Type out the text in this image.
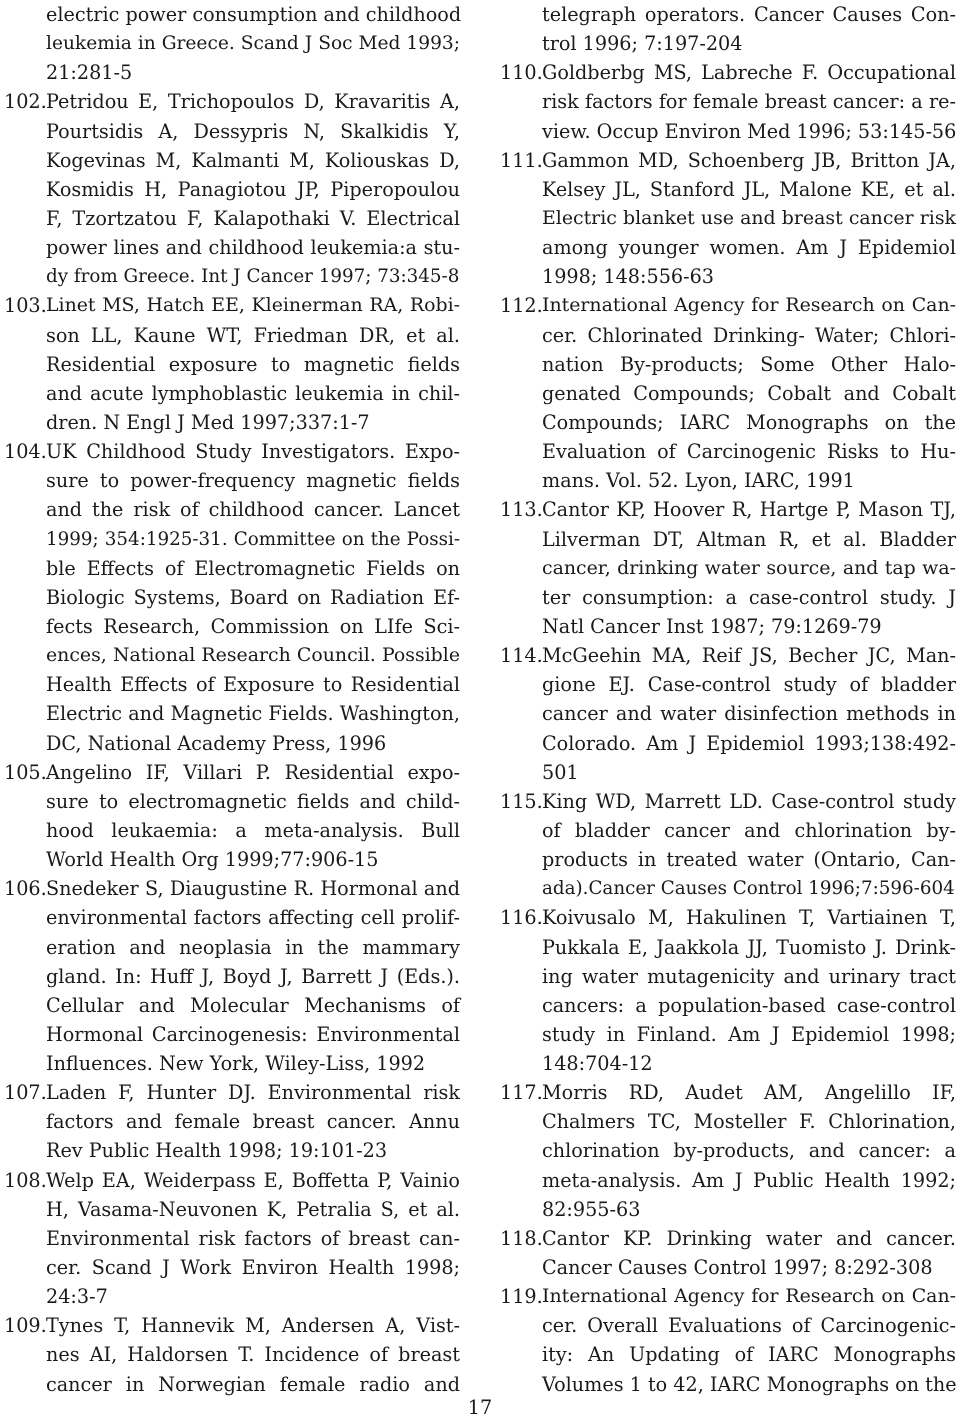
electric power consumption and childhood
leukemia in Greece. Scand J Soc Med 1993;
21:281-5
102. Petridou E, Trichopoulos D, Kravaritis A,
Pourtsidis A, Dessypris N, Skalkidis Y,
Kogevinas M, Kalmanti M, Koliouskas D,
Kosmidis H, Panagiotou JP, Piperopoulou
F, Tzortzatou F, Kalapothaki V. Electrical
power lines and childhood leukemia:a stu-
dy from Greece. Int J Cancer 1997; 73:345-8
103. Linet MS, Hatch EE, Kleinerman RA, Robi-
son LL, Kaune WT, Friedman DR, et al.
Residential exposure to magnetic fields
and acute lymphoblastic leukemia in chil-
dren. N Engl J Med 1997;337:1-7
104. UK Childhood Study Investigators. Expo-
sure to power-frequency magnetic fields
and the risk of childhood cancer. Lancet
1999; 354:1925-31. Committee on the Possi-
ble Effects of Electromagnetic Fields on
Biologic Systems, Board on Radiation Ef-
fects Research, Commission on LIfe Sci-
ences, National Research Council. Possible
Health Effects of Exposure to Residential
Electric and Magnetic Fields. Washington,
DC, National Academy Press, 1996
105. Angelino IF, Villari P. Residential expo-
sure to electromagnetic fields and child-
hood leukaemia: a meta-analysis. Bull
World Health Org 1999;77:906-15
106. Snedeker S, Diaugustine R. Hormonal and
environmental factors affecting cell prolif-
eration and neoplasia in the mammary
gland. In: Huff J, Boyd J, Barrett J (Eds.).
Cellular and Molecular Mechanisms of
Hormonal Carcinogenesis: Environmental
Influences. New York, Wiley-Liss, 1992
107. Laden F, Hunter DJ. Environmental risk
factors and female breast cancer. Annu
Rev Public Health 1998; 19:101-23
108. Welp EA, Weiderpass E, Boffetta P, Vainio
H, Vasama-Neuvonen K, Petralia S, et al.
Environmental risk factors of breast can-
cer. Scand J Work Environ Health 1998;
24:3-7
109. Tynes T, Hannevik M, Andersen A, Vist-
nes AI, Haldorsen T. Incidence of breast
cancer in Norwegian female radio and
telegraph operators. Cancer Causes Con-
trol 1996; 7:197-204
110. Goldberbg MS, Labreche F. Occupational
risk factors for female breast cancer: a re-
view. Occup Environ Med 1996; 53:145-56
111. Gammon MD, Schoenberg JB, Britton JA,
Kelsey JL, Stanford JL, Malone KE, et al.
Electric blanket use and breast cancer risk
among younger women. Am J Epidemiol
1998; 148:556-63
112. International Agency for Research on Can-
cer. Chlorinated Drinking- Water; Chlori-
nation By-products; Some Other Halo-
genated Compounds; Cobalt and Cobalt
Compounds; IARC Monographs on the
Evaluation of Carcinogenic Risks to Hu-
mans. Vol. 52. Lyon, IARC, 1991
113. Cantor KP, Hoover R, Hartge P, Mason TJ,
Lilverman DT, Altman R, et al. Bladder
cancer, drinking water source, and tap wa-
ter consumption: a case-control study. J
Natl Cancer Inst 1987; 79:1269-79
114. McGeehin MA, Reif JS, Becher JC, Man-
gione EJ. Case-control study of bladder
cancer and water disinfection methods in
Colorado. Am J Epidemiol 1993;138:492-
501
115. King WD, Marrett LD. Case-control study
of bladder cancer and chlorination by-
products in treated water (Ontario, Can-
ada).Cancer Causes Control 1996;7:596-604
116. Koivusalo M, Hakulinen T, Vartiainen T,
Pukkala E, Jaakkola JJ, Tuomisto J. Drink-
ing water mutagenicity and urinary tract
cancers: a population-based case-control
study in Finland. Am J Epidemiol 1998;
148:704-12
117. Morris RD, Audet AM, Angelillo IF,
Chalmers TC, Mosteller F. Chlorination,
chlorination by-products, and cancer: a
meta-analysis. Am J Public Health 1992;
82:955-63
118. Cantor KP. Drinking water and cancer.
Cancer Causes Control 1997; 8:292-308
119. International Agency for Research on Can-
cer. Overall Evaluations of Carcinogenic-
ity: An Updating of IARC Monographs
Volumes 1 to 42, IARC Monographs on the
17
